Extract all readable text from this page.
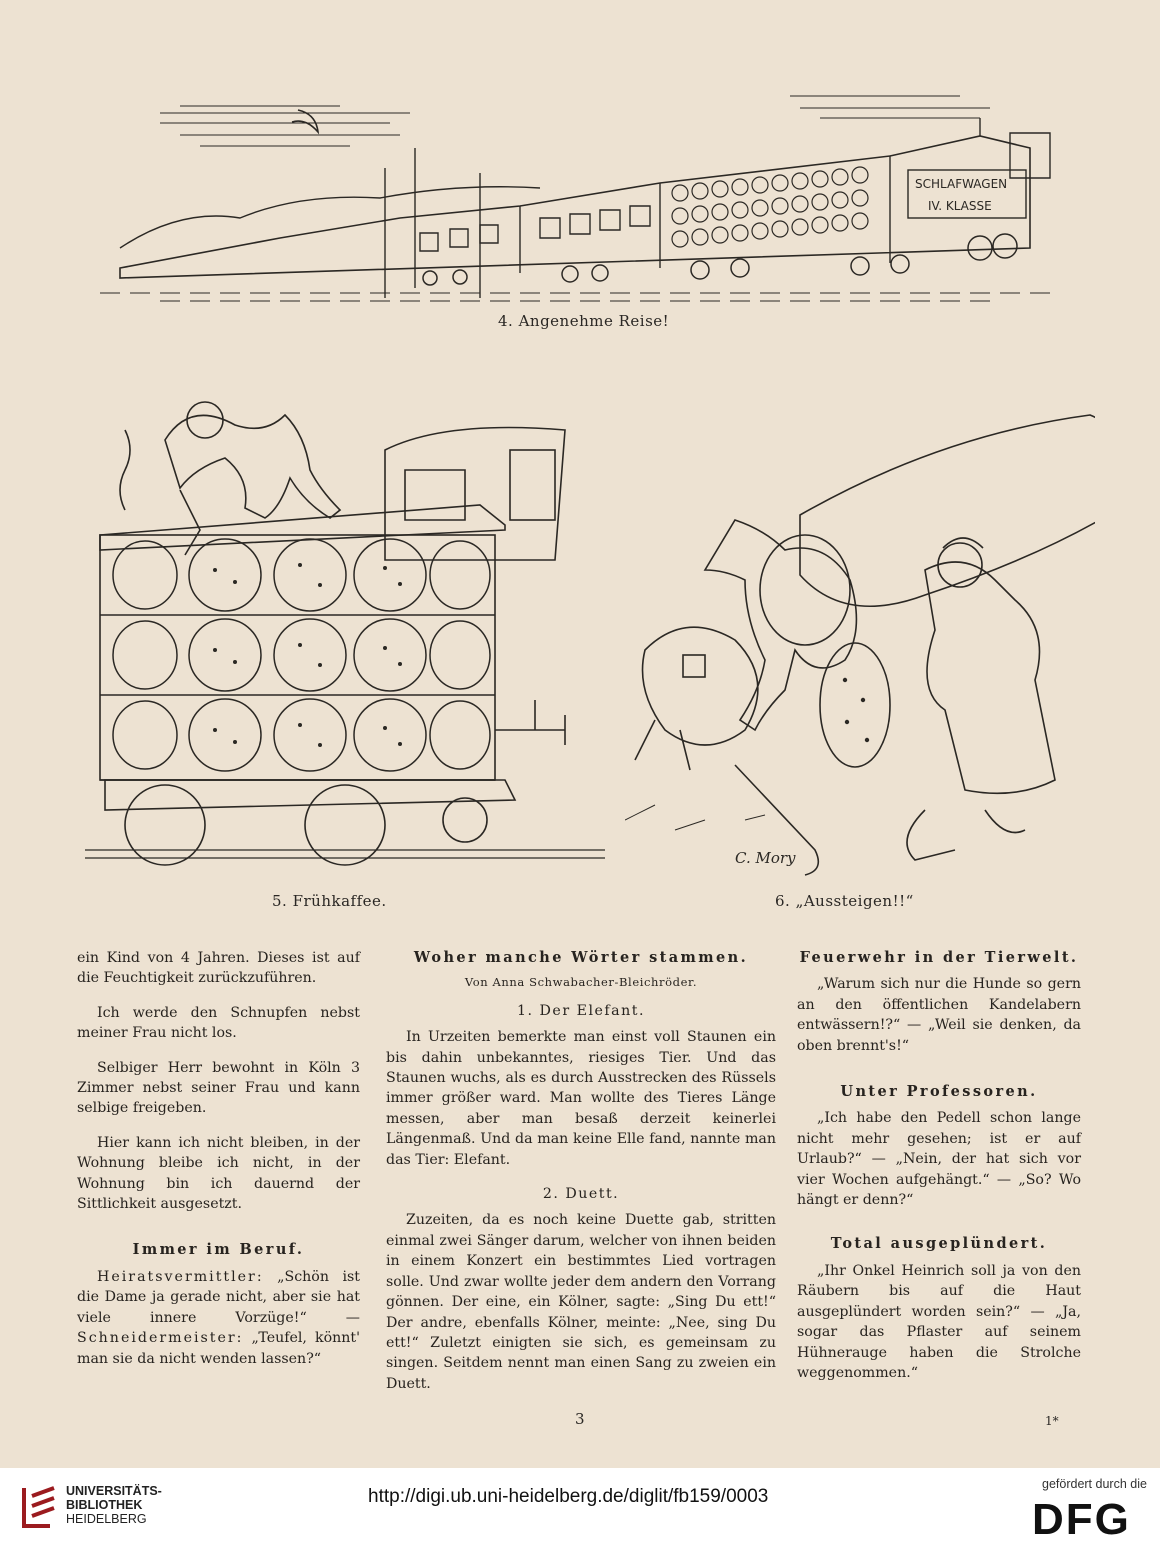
SCHLAFWAGEN
IV. KLASSE
4. Angenehme Reise!
5. Frühkaffee.
C. Mory
6. „Aussteigen!!“

ein Kind von 4 Jahren. Dieses ist auf die Feuchtigkeit zurückzuführen.

Ich werde den Schnupfen nebst meiner Frau nicht los.

Selbiger Herr bewohnt in Köln 3 Zimmer nebst seiner Frau und kann selbige freigeben.

Hier kann ich nicht bleiben, in der Wohnung bleibe ich nicht, in der Wohnung bin ich dauernd der Sittlichkeit ausgesetzt.

Immer im Beruf.

Heiratsvermittler: „Schön ist die Dame ja gerade nicht, aber sie hat viele innere Vorzüge!“ — Schneidermeister: „Teufel, könnt' man sie da nicht wenden lassen?“

Woher manche Wörter stammen.
Von Anna Schwabacher-Bleichröder.
1. Der Elefant.

In Urzeiten bemerkte man einst voll Staunen ein bis dahin unbekanntes, riesiges Tier. Und das Staunen wuchs, als es durch Ausstrecken des Rüssels immer größer ward. Man wollte des Tieres Länge messen, aber man besaß derzeit keinerlei Längenmaß. Und da man keine Elle fand, nannte man das Tier: Elefant.

2. Duett.

Zuzeiten, da es noch keine Duette gab, stritten einmal zwei Sänger darum, welcher von ihnen beiden in einem Konzert ein bestimmtes Lied vortragen solle. Und zwar wollte jeder dem andern den Vorrang gönnen. Der eine, ein Kölner, sagte: „Sing Du ett!“ Der andre, ebenfalls Kölner, meinte: „Nee, sing Du ett!“ Zuletzt einigten sie sich, es gemeinsam zu singen. Seitdem nennt man einen Sang zu zweien ein Duett.

Feuerwehr in der Tierwelt.

„Warum sich nur die Hunde so gern an den öffentlichen Kandelabern entwässern!?“ — „Weil sie denken, da oben brennt's!“

Unter Professoren.

„Ich habe den Pedell schon lange nicht mehr gesehen; ist er auf Urlaub?“ — „Nein, der hat sich vor vier Wochen aufgehängt.“ — „So? Wo hängt er denn?“

Total ausgeplündert.

„Ihr Onkel Heinrich soll ja von den Räubern bis auf die Haut ausgeplündert worden sein?“ — „Ja, sogar das Pflaster auf seinem Hühnerauge haben die Strolche weggenommen.“

3	1*
UNIVERSITÄTS-
BIBLIOTHEK
HEIDELBERG
http://digi.ub.uni-heidelberg.de/diglit/fb159/0003
gefördert durch die
DFG
